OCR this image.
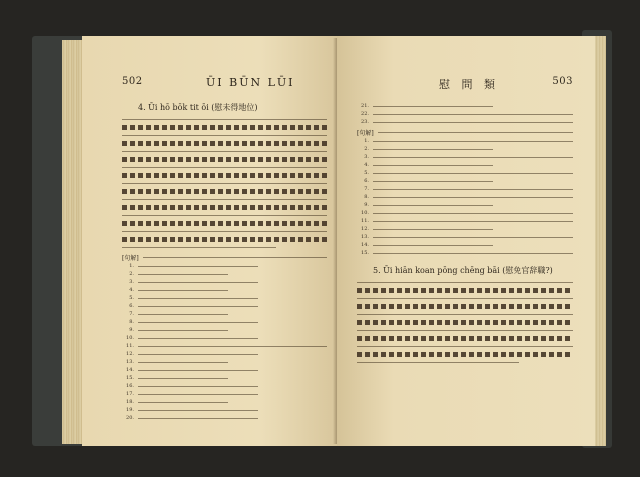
502	ŪI BŪN LŪI
4. Ūi hō bōk tit ōi (慰未得地位)
[句解]
1.
2.
3.
4.
5.
6.
7.
8.
9.
10.
11.
12.
13.
14.
15.
16.
17.
18.
19.
20.
慰 問 類	503
21.
22.
23.
[句解]
1.
2.
3.
4.
5.
6.
7.
8.
9.
10.
11.
12.
13.
14.
15.
5. Ūi hiān koan pōng chēng bāi (慰免官辞職?)
